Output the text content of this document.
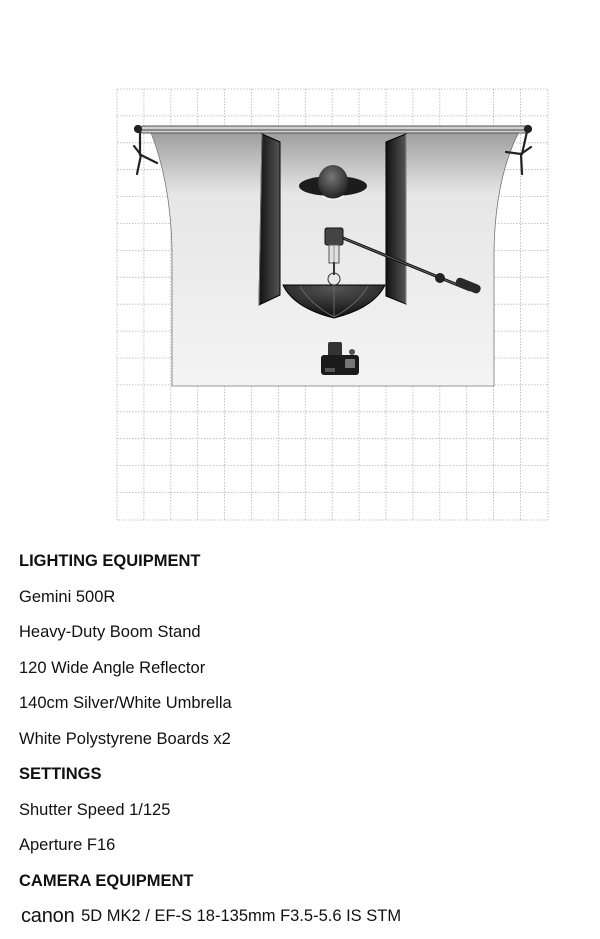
LIGHTING EQUIPMENT
Gemini 500R
Heavy-Duty Boom Stand
120 Wide Angle Reflector
140cm Silver/White Umbrella
White Polystyrene Boards x2
SETTINGS
Shutter Speed 1/125
Aperture F16
CAMERA EQUIPMENT
canon 5D MK2 / EF-S 18-135mm F3.5-5.6 IS STM
